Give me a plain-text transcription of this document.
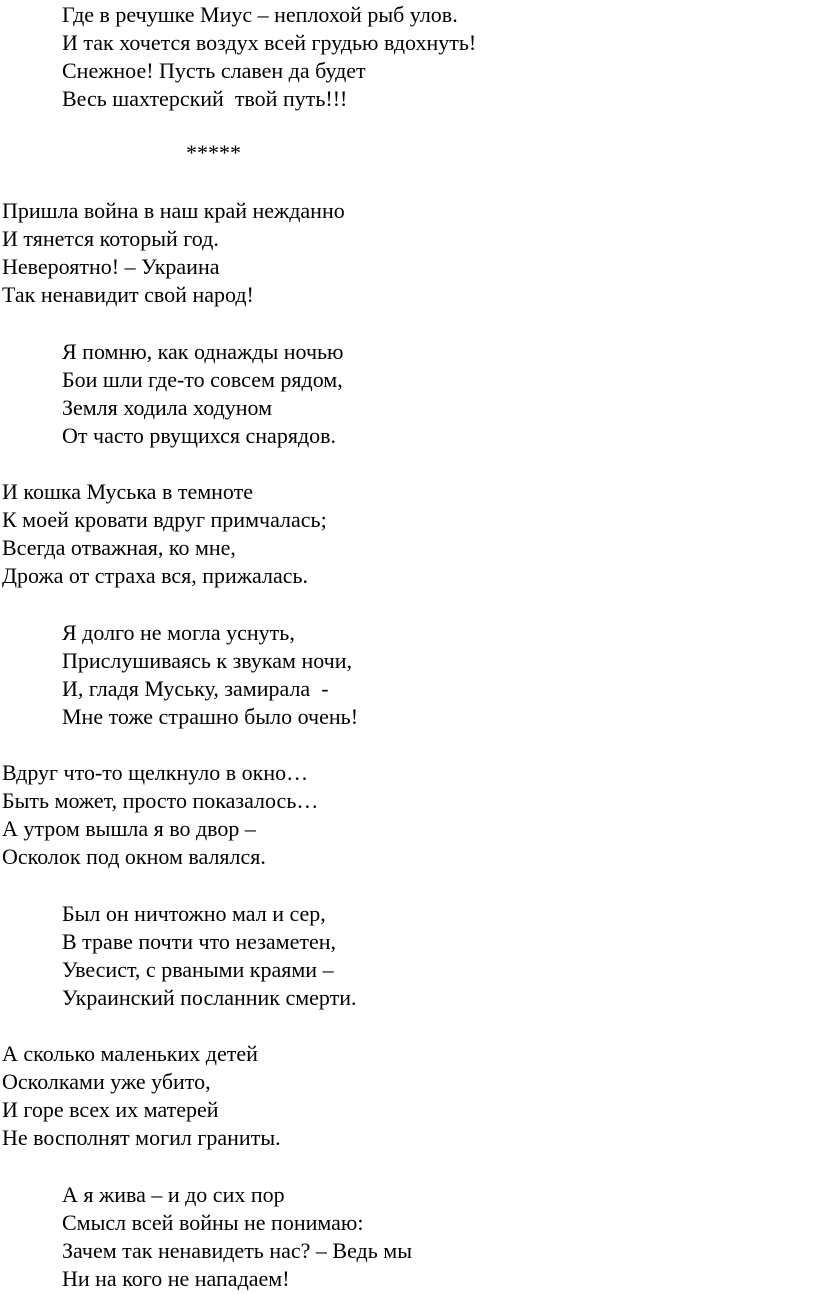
Где в речушке Миус – неплохой рыб улов.
И так хочется воздух всей грудью вдохнуть!
Снежное! Пусть славен да будет
Весь шахтерский  твой путь!!!
*****
Пришла война в наш край нежданно
И тянется который год.
Невероятно! – Украина
Так ненавидит свой народ!
Я помню, как однажды ночью
Бои шли где-то совсем рядом,
Земля ходила ходуном
От часто рвущихся снарядов.
И кошка Муська в темноте
К моей кровати вдруг примчалась;
Всегда отважная, ко мне,
Дрожа от страха вся, прижалась.
Я долго не могла уснуть,
Прислушиваясь к звукам ночи,
И, гладя Муську, замирала  -
Мне тоже страшно было очень!
Вдруг что-то щелкнуло в окно…
Быть может, просто показалось…
А утром вышла я во двор –
Осколок под окном валялся.
Был он ничтожно мал и сер,
В траве почти что незаметен,
Увесист, с рваными краями –
Украинский посланник смерти.
А сколько маленьких детей
Осколками уже убито,
И горе всех их матерей
Не восполнят могил граниты.
А я жива – и до сих пор
Смысл всей войны не понимаю:
Зачем так ненавидеть нас? – Ведь мы
Ни на кого не нападаем!
